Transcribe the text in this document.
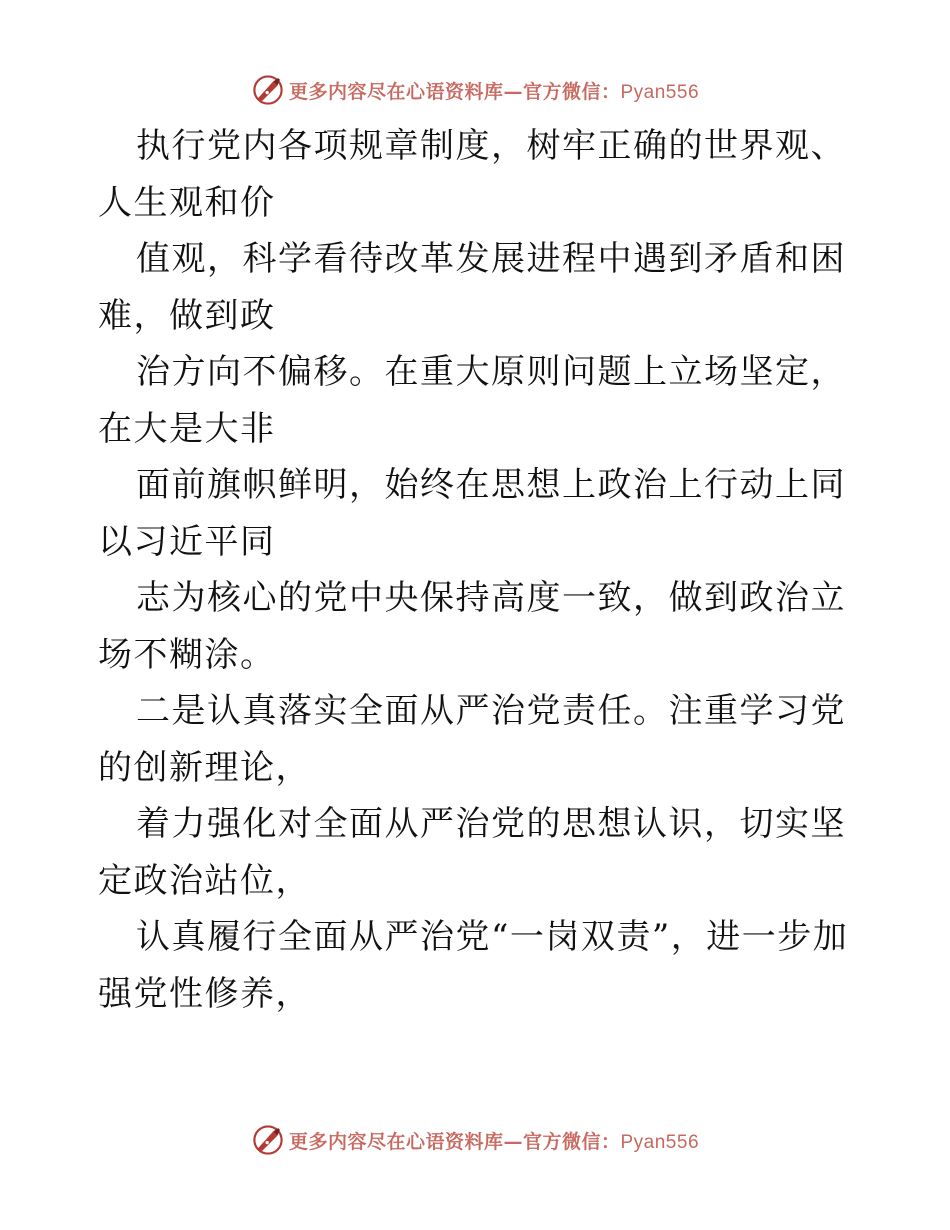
更多内容尽在心语资料库—官方微信：Pyan556

执行党内各项规章制度，树牢正确的世界观、人生观和价

值观，科学看待改革发展进程中遇到矛盾和困难，做到政

治方向不偏移。在重大原则问题上立场坚定，在大是大非

面前旗帜鲜明，始终在思想上政治上行动上同以习近平同

志为核心的党中央保持高度一致，做到政治立场不糊涂。

二是认真落实全面从严治党责任。注重学习党的创新理论，

着力强化对全面从严治党的思想认识，切实坚定政治站位，

认真履行全面从严治党“一岗双责”，进一步加强党性修养，

更多内容尽在心语资料库—官方微信：Pyan556
